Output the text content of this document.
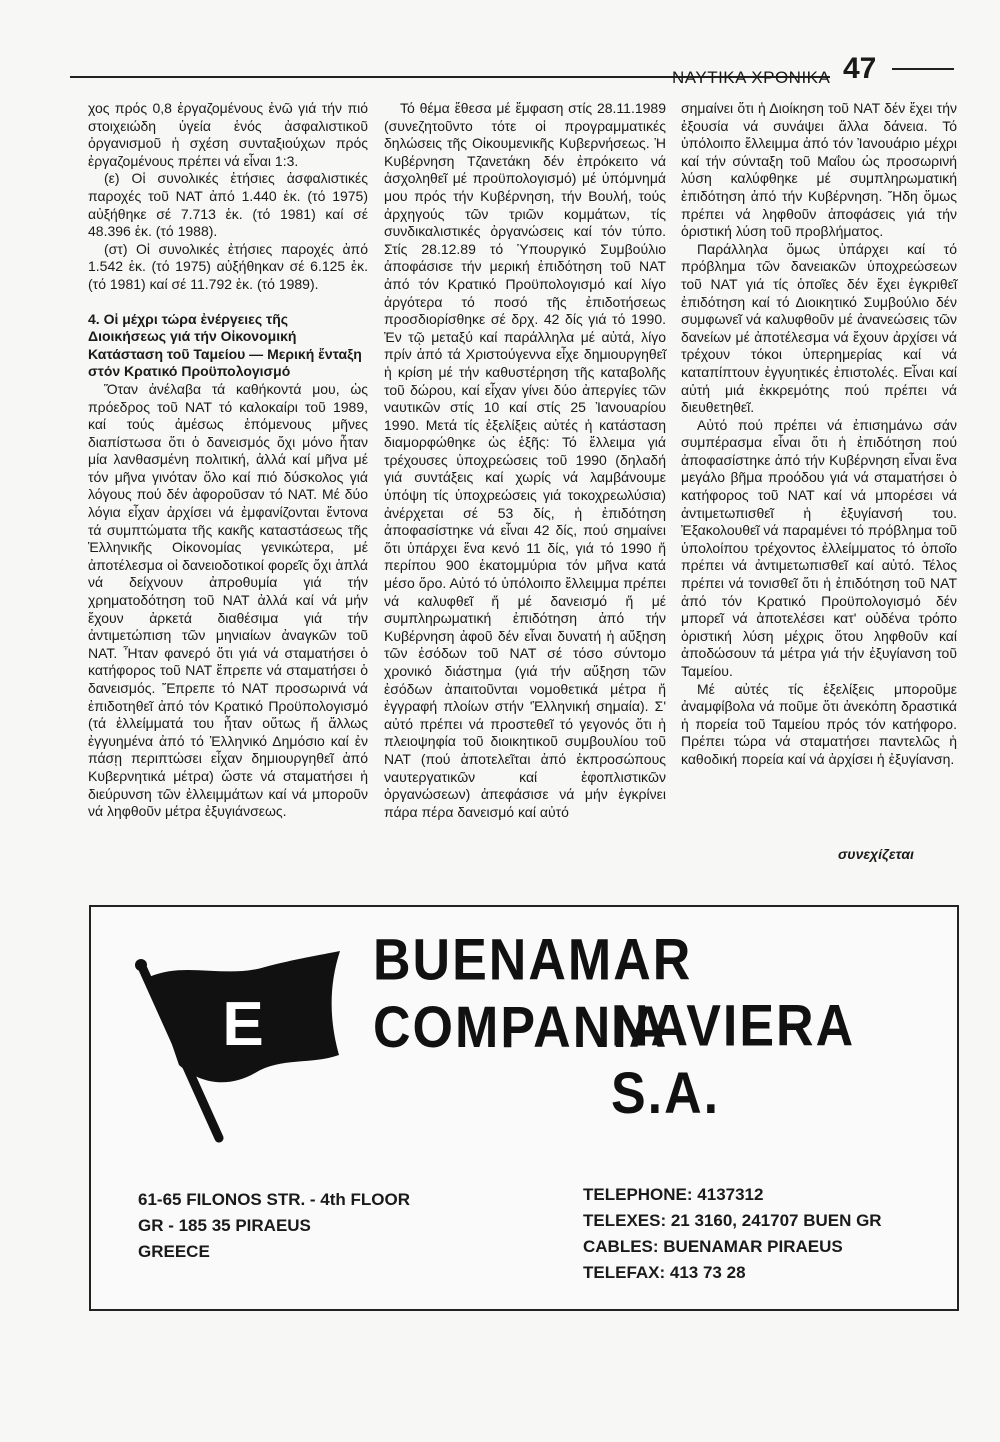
ΝΑΥΤΙΚΑ ΧΡΟΝΙΚΑ 47

χος πρός 0,8 ἐργαζομένους ἐνῶ γιά τήν πιό στοιχειώδη ὑγεία ἑνός ἀσφαλιστικοῦ ὀργανισμοῦ ἡ σχέση συνταξιούχων πρός ἐργαζομένους πρέπει νά εἶναι 1:3.

(ε) Οἱ συνολικές ἐτήσιες ἀσφαλιστικές παροχές τοῦ ΝΑΤ ἀπό 1.440 ἑκ. (τό 1975) αὐξήθηκε σέ 7.713 ἑκ. (τό 1981) καί σέ 48.396 ἑκ. (τό 1988).

(στ) Οἱ συνολικές ἐτήσιες παροχές ἀπό 1.542 ἑκ. (τό 1975) αὐξήθηκαν σέ 6.125 ἑκ. (τό 1981) καί σέ 11.792 ἑκ. (τό 1989).

4. Οἱ μέχρι τώρα ἐνέργειες τῆς Διοικήσεως γιά τήν Οἰκονομική Κατάσταση τοῦ Ταμείου — Μερική ἔνταξη στόν Κρατικό Προϋπολογισμό

Ὅταν ἀνέλαβα τά καθήκοντά μου, ὡς πρόεδρος τοῦ ΝΑΤ τό καλοκαίρι τοῦ 1989, καί τούς ἀμέσως ἑπόμενους μῆνες διαπίστωσα ὅτι ὁ δανεισμός ὄχι μόνο ἦταν μία λανθασμένη πολιτική, ἀλλά καί μῆνα μέ τόν μῆνα γινόταν ὅλο καί πιό δύσκολος γιά λόγους πού δέν ἀφοροῦσαν τό ΝΑΤ. Μέ δύο λόγια εἶχαν ἀρχίσει νά ἐμφανίζονται ἔντονα τά συμπτώματα τῆς κακῆς καταστάσεως τῆς Ἑλληνικῆς Οἰκονομίας γενικώτερα, μέ ἀποτέλεσμα οἱ δανειοδοτικοί φορεῖς ὄχι ἁπλά νά δείχνουν ἀπροθυμία γιά τήν χρηματοδότηση τοῦ ΝΑΤ ἀλλά καί νά μήν ἔχουν ἀρκετά διαθέσιμα γιά τήν ἀντιμετώπιση τῶν μηνιαίων ἀναγκῶν τοῦ ΝΑΤ. Ἦταν φανερό ὅτι γιά νά σταματήσει ὁ κατήφορος τοῦ ΝΑΤ ἔπρεπε νά σταματήσει ὁ δανεισμός. Ἔπρεπε τό ΝΑΤ προσωρινά νά ἐπιδοτηθεῖ ἀπό τόν Κρατικό Προϋπολογισμό (τά ἐλλείμματά του ἦταν οὕτως ἤ ἄλλως ἐγγυημένα ἀπό τό Ἑλληνικό Δημόσιο καί ἐν πάσῃ περιπτώσει εἶχαν δημιουργηθεῖ ἀπό Κυβερνητικά μέτρα) ὥστε νά σταματήσει ἡ διεύρυνση τῶν ἐλλειμμάτων καί νά μποροῦν νά ληφθοῦν μέτρα ἐξυγιάνσεως.

Τό θέμα ἔθεσα μέ ἔμφαση στίς 28.11.1989 (συνεζητοῦντο τότε οἱ προγραμματικές δηλώσεις τῆς Οἰκουμενικῆς Κυβερνήσεως. Ἡ Κυβέρνηση Τζανετάκη δέν ἐπρόκειτο νά ἀσχοληθεῖ μέ προϋπολογισμό) μέ ὑπόμνημά μου πρός τήν Κυβέρνηση, τήν Βουλή, τούς ἀρχηγούς τῶν τριῶν κομμάτων, τίς συνδικαλιστικές ὀργανώσεις καί τόν τύπο. Στίς 28.12.89 τό Ὑπουργικό Συμβούλιο ἀποφάσισε τήν μερική ἐπιδότηση τοῦ ΝΑΤ ἀπό τόν Κρατικό Προϋπολογισμό καί λίγο ἀργότερα τό ποσό τῆς ἐπιδοτήσεως προσδιορίσθηκε σέ δρχ. 42 δίς γιά τό 1990. Ἐν τῷ μεταξύ καί παράλληλα μέ αὐτά, λίγο πρίν ἀπό τά Χριστούγεννα εἶχε δημιουργηθεῖ ἡ κρίση μέ τήν καθυστέρηση τῆς καταβολῆς τοῦ δώρου, καί εἶχαν γίνει δύο ἀπεργίες τῶν ναυτικῶν στίς 10 καί στίς 25 Ἰανουαρίου 1990. Μετά τίς ἐξελίξεις αὐτές ἡ κατάσταση διαμορφώθηκε ὡς ἑξῆς: Τό ἔλλειμα γιά τρέχουσες ὑποχρεώσεις τοῦ 1990 (δηλαδή γιά συντάξεις καί χωρίς νά λαμβάνουμε ὑπόψη τίς ὑποχρεώσεις γιά τοκοχρεωλύσια) ἀνέρχεται σέ 53 δίς, ἡ ἐπιδότηση ἀποφασίστηκε νά εἶναι 42 δίς, πού σημαίνει ὅτι ὑπάρχει ἕνα κενό 11 δίς, γιά τό 1990 ἤ περίπου 900 ἑκατομμύρια τόν μῆνα κατά μέσο ὅρο. Αὐτό τό ὑπόλοιπο ἔλλειμμα πρέπει νά καλυφθεῖ ἤ μέ δανεισμό ἤ μέ συμπληρωματική ἐπιδότηση ἀπό τήν Κυβέρνηση ἀφοῦ δέν εἶναι δυνατή ἡ αὔξηση τῶν ἐσόδων τοῦ ΝΑΤ σέ τόσο σύντομο χρονικό διάστημα (γιά τήν αὔξηση τῶν ἐσόδων ἀπαιτοῦνται νομοθετικά μέτρα ἤ ἐγγραφή πλοίων στήν 'Ἑλληνική σημαία). Σ' αὐτό πρέπει νά προστεθεῖ τό γεγονός ὅτι ἡ πλειοψηφία τοῦ διοικητικοῦ συμβουλίου τοῦ ΝΑΤ (πού ἀποτελεῖται ἀπό ἐκπροσώπους ναυτεργατικῶν καί ἐφοπλιστικῶν ὀργανώσεων) ἀπεφάσισε νά μήν ἐγκρίνει πάρα πέρα δανεισμό καί αὐτό

σημαίνει ὅτι ἡ Διοίκηση τοῦ ΝΑΤ δέν ἔχει τήν ἐξουσία νά συνάψει ἄλλα δάνεια. Τό ὑπόλοιπο ἔλλειμμα ἀπό τόν Ἰανουάριο μέχρι καί τήν σύνταξη τοῦ Μαΐου ὡς προσωρινή λύση καλύφθηκε μέ συμπληρωματική ἐπιδότηση ἀπό τήν Κυβέρνηση. Ἤδη ὅμως πρέπει νά ληφθοῦν ἀποφάσεις γιά τήν ὁριστική λύση τοῦ προβλήματος.

Παράλληλα ὅμως ὑπάρχει καί τό πρόβλημα τῶν δανειακῶν ὑποχρεώσεων τοῦ ΝΑΤ γιά τίς ὁποῖες δέν ἔχει ἐγκριθεῖ ἐπιδότηση καί τό Διοικητικό Συμβούλιο δέν συμφωνεῖ νά καλυφθοῦν μέ ἀνανεώσεις τῶν δανείων μέ ἀποτέλεσμα νά ἔχουν ἀρχίσει νά τρέχουν τόκοι ὑπερημερίας καί νά καταπίπτουν ἐγγυητικές ἐπιστολές. Εἶναι καί αὐτή μιά ἐκκρεμότης πού πρέπει νά διευθετηθεῖ.

Αὐτό πού πρέπει νά ἐπισημάνω σάν συμπέρασμα εἶναι ὅτι ἡ ἐπιδότηση πού ἀποφασίστηκε ἀπό τήν Κυβέρνηση εἶναι ἕνα μεγάλο βῆμα προόδου γιά νά σταματήσει ὁ κατήφορος τοῦ ΝΑΤ καί νά μπορέσει νά ἀντιμετωπισθεῖ ἡ ἐξυγίανσή του. Ἐξακολουθεῖ νά παραμένει τό πρόβλημα τοῦ ὑπολοίπου τρέχοντος ἐλλείμματος τό ὁποῖο πρέπει νά ἀντιμετωπισθεῖ καί αὐτό. Τέλος πρέπει νά τονισθεῖ ὅτι ἡ ἐπιδότηση τοῦ ΝΑΤ ἀπό τόν Κρατικό Προϋπολογισμό δέν μπορεῖ νά ἀποτελέσει κατ' οὐδένα τρόπο ὁριστική λύση μέχρις ὅτου ληφθοῦν καί ἀποδώσουν τά μέτρα γιά τήν ἐξυγίανση τοῦ Ταμείου.

Μέ αὐτές τίς ἐξελίξεις μποροῦμε ἀναμφίβολα νά ποῦμε ὅτι ἀνεκόπη δραστικά ἡ πορεία τοῦ Ταμείου πρός τόν κατήφορο. Πρέπει τώρα νά σταματήσει παντελῶς ἡ καθοδική πορεία καί νά ἀρχίσει ἡ ἐξυγίανση.

συνεχίζεται
E
BUENAMAR COMPANIA
NAVIERA S.A.
61-65 FILONOS STR. - 4th FLOOR
GR - 185 35 PIRAEUS
GREECE
TELEPHONE: 4137312
TELEXES: 21 3160, 241707 BUEN GR
CABLES: BUENAMAR PIRAEUS
TELEFAX: 413 73 28
